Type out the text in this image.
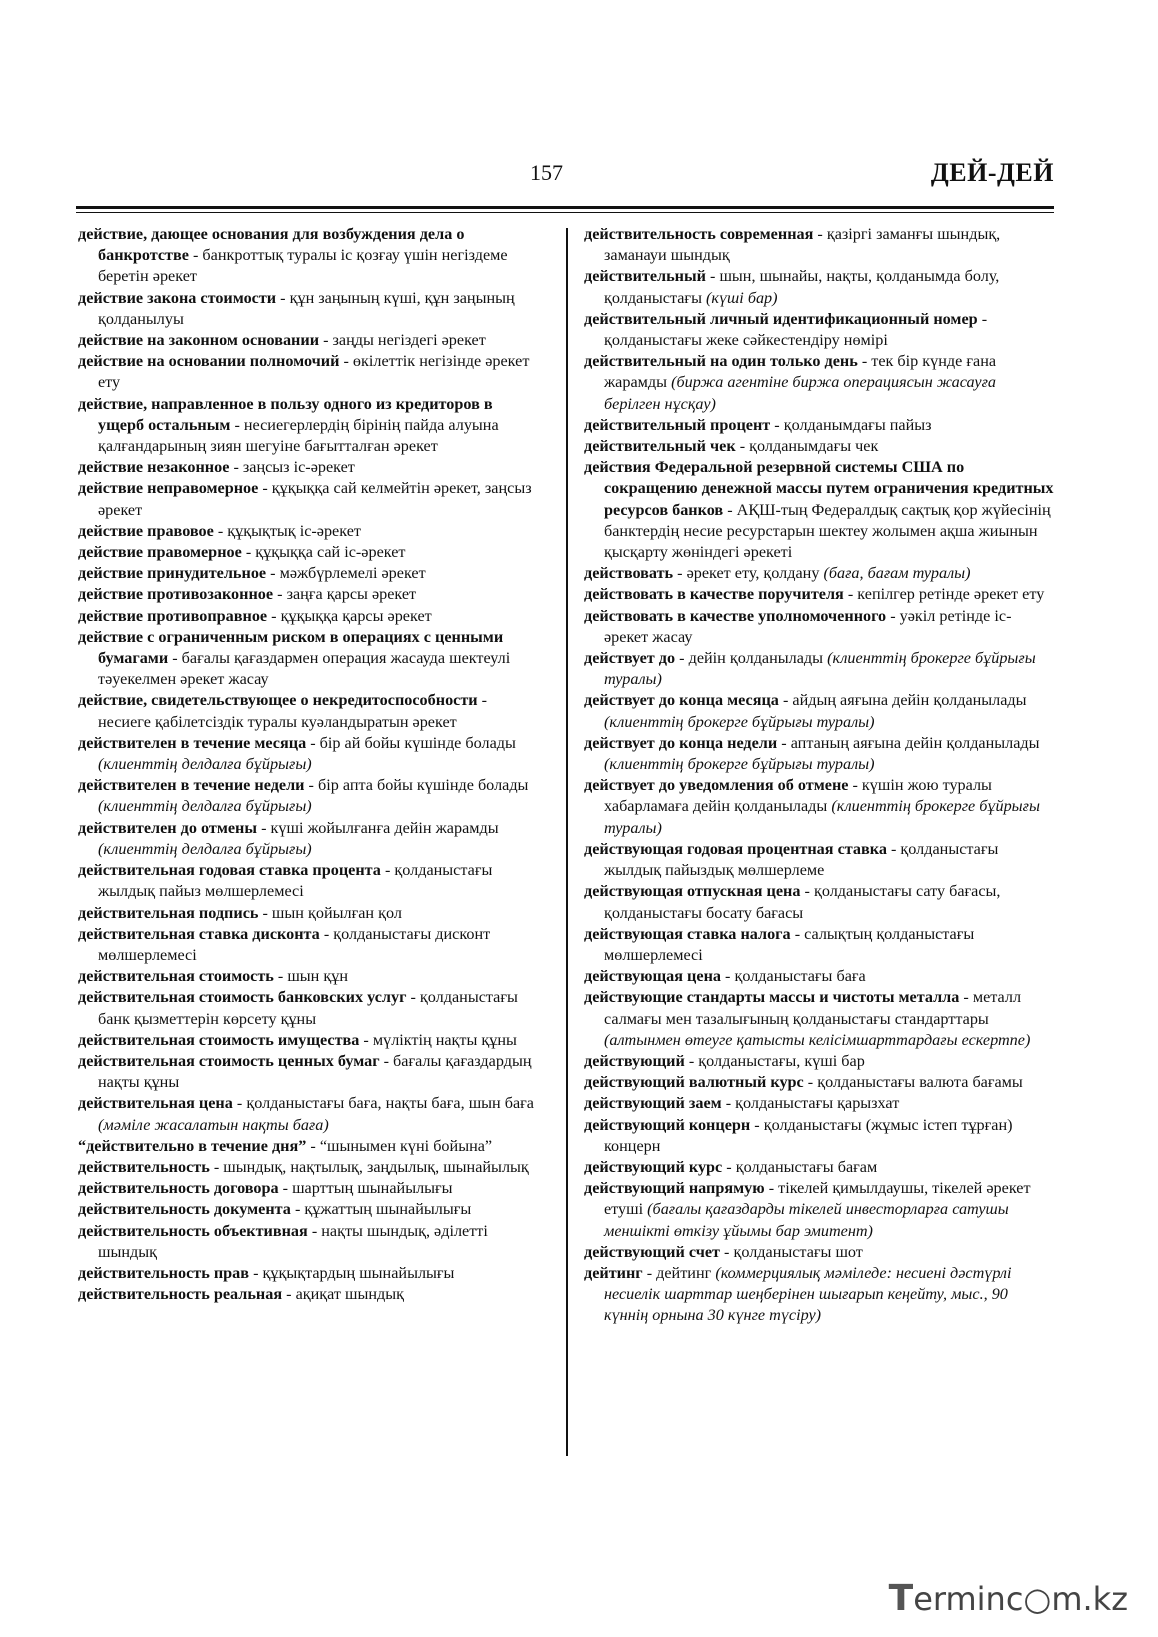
157	ДЕЙ-ДЕЙ

действие, дающее основания для возбуждения дела о банкротстве - банкроттық туралы іс қозғау үшін негіздеме беретін әрекет

действие закона стоимости - құн заңының күші, құн заңының қолданылуы

действие на законном основании - заңды негіздегі әрекет

действие на основании полномочий - өкілеттік негізінде әрекет ету

действие, направленное в пользу одного из кредиторов в ущерб остальным - несиегерлердің бірінің пайда алуына қалғандарының зиян шегуіне бағытталған әрекет

действие незаконное - заңсыз іс-әрекет

действие неправомерное - құқыққа сай келмейтін әрекет, заңсыз әрекет

действие правовое - құқықтық іс-әрекет

действие правомерное - құқыққа сай іс-әрекет

действие принудительное - мәжбүрлемелі әрекет

действие противозаконное - заңға қарсы әрекет

действие противоправное - құқыққа қарсы әрекет

действие с ограниченным риском в операциях с ценными бумагами - бағалы қағаздармен операция жасауда шектеулі тәуекелмен әрекет жасау

действие, свидетельствующее о некредитоспособности - несиеге қабілетсіздік туралы куәландыратын әрекет

действителен в течение месяца - бір ай бойы күшінде болады (клиенттің делдалға бұйрығы)

действителен в течение недели - бір апта бойы күшінде болады (клиенттің делдалға бұйрығы)

действителен до отмены - күші жойылғанға дейін жарамды (клиенттің делдалға бұйрығы)

действительная годовая ставка процента - қолданыстағы жылдық пайыз мөлшерлемесі

действительная подпись - шын қойылған қол

действительная ставка дисконта - қолданыстағы дисконт мөлшерлемесі

действительная стоимость - шын құн

действительная стоимость банковских услуг - қолданыстағы банк қызметтерін көрсету құны

действительная стоимость имущества - мүліктің нақты құны

действительная стоимость ценных бумаг - бағалы қағаздардың нақты құны

действительная цена - қолданыстағы баға, нақты баға, шын баға (мәміле жасалатын нақты баға)

“действительно в течение дня” - “шынымен күні бойына”

действительность - шындық, нақтылық, заңдылық, шынайылық

действительность договора - шарттың шынайылығы

действительность документа - құжаттың шынайылығы

действительность объективная - нақты шындық, әділетті шындық

действительность прав - құқықтардың шынайылығы

действительность реальная - ақиқат шындық

действительность современная - қазіргі заманғы шындық, заманауи шындық

действительный - шын, шынайы, нақты, қолданымда болу, қолданыстағы (күші бар)

действительный личный идентификационный номер - қолданыстағы жеке сәйкестендіру нөмірі

действительный на один только день - тек бір күнде ғана жарамды (биржа агентіне биржа операциясын жасауға берілген нұсқау)

действительный процент - қолданымдағы пайыз

действительный чек - қолданымдағы чек

действия Федеральной резервной системы США по сокращению денежной массы путем ограничения кредитных ресурсов банков - АҚШ-тың Федералдық сақтық қор жүйесінің банктердің несие ресурстарын шектеу жолымен ақша жиынын қысқарту жөніндегі әрекеті

действовать - әрекет ету, қолдану (баға, бағам туралы)

действовать в качестве поручителя - кепілгер ретінде әрекет ету

действовать в качестве уполномоченного - уәкіл ретінде іс-әрекет жасау

действует до - дейін қолданылады (клиенттің брокерге бұйрығы туралы)

действует до конца месяца - айдың аяғына дейін қолданылады (клиенттің брокерге бұйрығы туралы)

действует до конца недели - аптаның аяғына дейін қолданылады (клиенттің брокерге бұйрығы туралы)

действует до уведомления об отмене - күшін жою туралы хабарламаға дейін қолданылады (клиенттің брокерге бұйрығы туралы)

действующая годовая процентная ставка - қолданыстағы жылдық пайыздық мөлшерлеме

действующая отпускная цена - қолданыстағы сату бағасы, қолданыстағы босату бағасы

действующая ставка налога - салықтың қолданыстағы мөлшерлемесі

действующая цена - қолданыстағы баға

действующие стандарты массы и чистоты металла - металл салмағы мен тазалығының қолданыстағы стандарттары (алтынмен өтеуге қатысты келісімшарттардағы ескертпе)

действующий - қолданыстағы, күші бар

действующий валютный курс - қолданыстағы валюта бағамы

действующий заем - қолданыстағы қарызхат

действующий концерн - қолданыстағы (жұмыс істеп тұрған) концерн

действующий курс - қолданыстағы бағам

действующий напрямую - тікелей қимылдаушы, тікелей әрекет етуші (бағалы қағаздарды тікелей инвесторларға сатушы меншікті өткізу ұйымы бар эмитент)

действующий счет - қолданыстағы шот

дейтинг - дейтинг (коммерциялық мәміледе: несиені дәстүрлі несиелік шарттар шеңберінен шығарып кеңейту, мыс., 90 күннің орнына 30 күнге түсіру)

Terminc○m.kz
